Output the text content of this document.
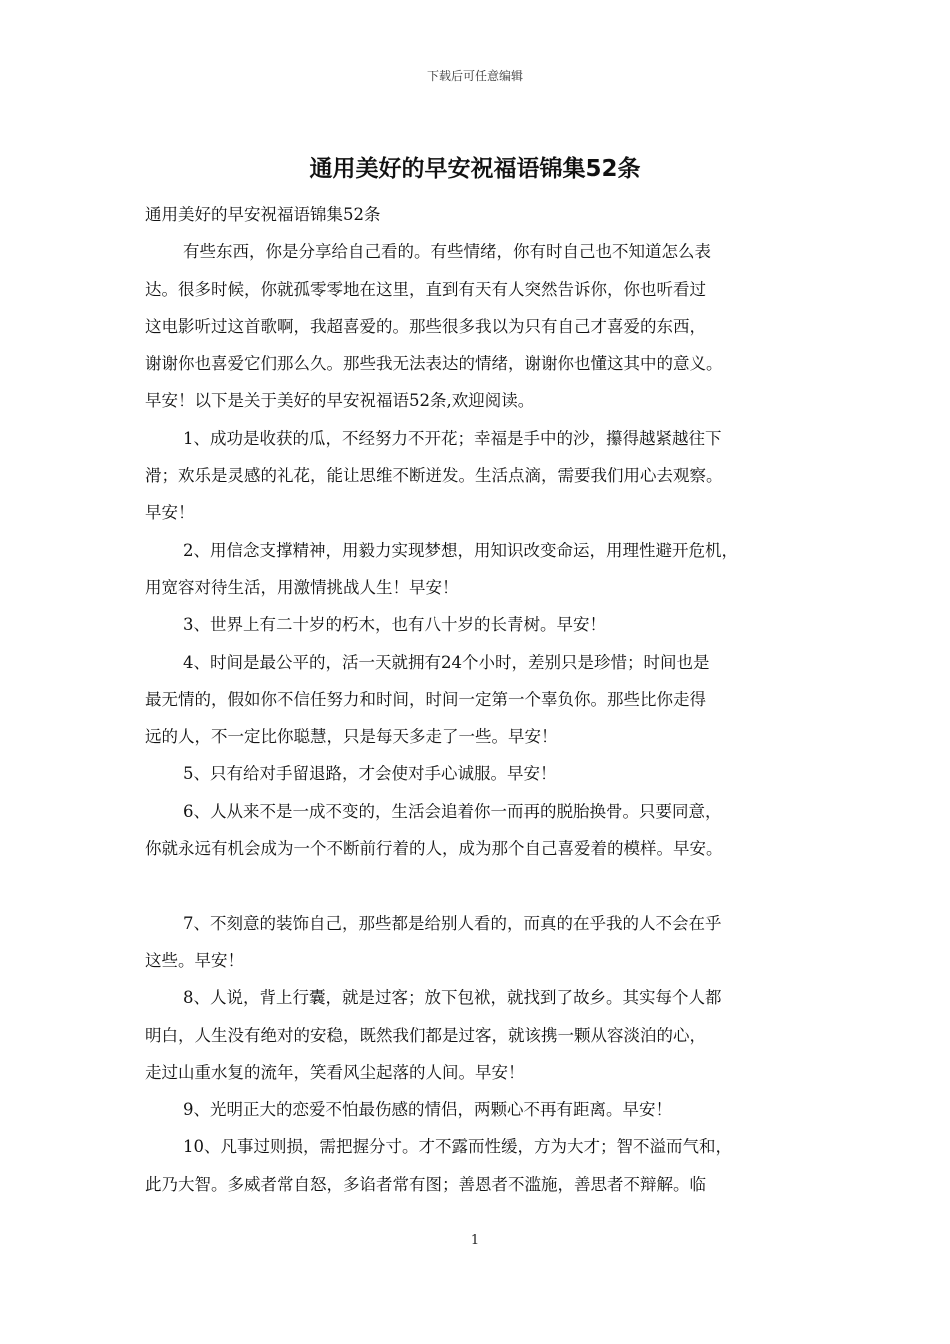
下载后可任意编辑
通用美好的早安祝福语锦集52条

通用美好的早安祝福语锦集52条

有些东西，你是分享给自己看的。有些情绪，你有时自己也不知道怎么表

达。很多时候，你就孤零零地在这里，直到有天有人突然告诉你，你也听看过

这电影听过这首歌啊，我超喜爱的。那些很多我以为只有自己才喜爱的东西，

谢谢你也喜爱它们那么久。那些我无法表达的情绪，谢谢你也懂这其中的意义。

早安！以下是关于美好的早安祝福语52条,欢迎阅读。

1、成功是收获的瓜，不经努力不开花；幸福是手中的沙，攥得越紧越往下

滑；欢乐是灵感的礼花，能让思维不断迸发。生活点滴，需要我们用心去观察。

早安！

2、用信念支撑精神，用毅力实现梦想，用知识改变命运，用理性避开危机，

用宽容对待生活，用激情挑战人生！早安！

3、世界上有二十岁的朽木，也有八十岁的长青树。早安！

4、时间是最公平的，活一天就拥有24个小时，差别只是珍惜；时间也是

最无情的，假如你不信任努力和时间，时间一定第一个辜负你。那些比你走得

远的人，不一定比你聪慧，只是每天多走了一些。早安！

5、只有给对手留退路，才会使对手心诚服。早安！

6、人从来不是一成不变的，生活会追着你一而再的脱胎换骨。只要同意，

你就永远有机会成为一个不断前行着的人，成为那个自己喜爱着的模样。早安。

7、不刻意的装饰自己，那些都是给别人看的，而真的在乎我的人不会在乎

这些。早安！

8、人说，背上行囊，就是过客；放下包袱，就找到了故乡。其实每个人都

明白，人生没有绝对的安稳，既然我们都是过客，就该携一颗从容淡泊的心，

走过山重水复的流年，笑看风尘起落的人间。早安！

9、光明正大的恋爱不怕最伤感的情侣，两颗心不再有距离。早安！

10、凡事过则损，需把握分寸。才不露而性缓，方为大才；智不溢而气和，

此乃大智。多威者常自怒，多谄者常有图；善恩者不滥施，善思者不辩解。临

1
